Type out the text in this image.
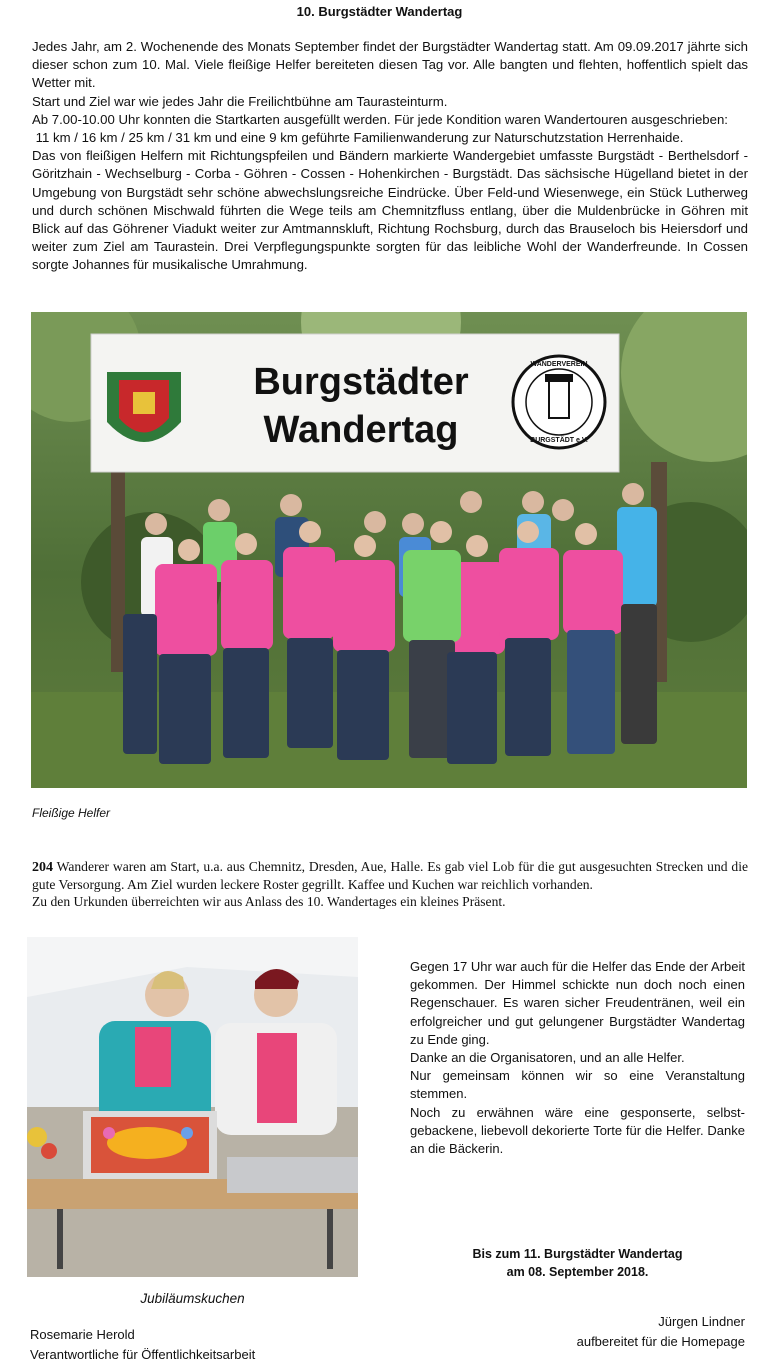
10. Burgstädter Wandertag

Jedes Jahr, am 2. Wochenende des Monats September findet der Burgstädter Wandertag statt. Am 09.09.2017 jährte sich dieser schon zum 10. Mal. Viele fleißige Helfer bereiteten diesen Tag vor. Alle bangten und flehten, hoffentlich spielt das Wetter mit.

Start und Ziel war wie jedes Jahr die Freilichtbühne am Taurasteinturm.

Ab 7.00-10.00 Uhr konnten die Startkarten ausgefüllt werden. Für jede Kondition waren Wandertouren ausgeschrieben:

11 km / 16 km / 25 km / 31 km und eine 9 km geführte Familienwanderung zur Naturschutzstation Herrenhaide.

Das von fleißigen Helfern mit Richtungspfeilen und Bändern markierte Wandergebiet umfasste Burgstädt - Berthelsdorf - Göritzhain - Wechselburg - Corba - Göhren - Cossen - Hohenkirchen - Burgstädt. Das sächsische Hügelland bietet in der Umgebung von Burgstädt sehr schöne abwechslungsreiche Eindrücke. Über Feld-und Wiesenwege, ein Stück Lutherweg und durch schönen Mischwald führten die Wege teils am Chemnitzfluss entlang, über die Muldenbrücke in Göhren mit Blick auf das Göhrener Viadukt weiter zur Amtmannskluft, Richtung Rochsburg, durch das Brauseloch bis Heiersdorf und weiter zum Ziel am Taurastein. Drei Verpflegungspunkte sorgten für das leibliche Wohl der Wanderfreunde. In Cossen sorgte Johannes für musikalische Umrahmung.

Burgstädter
Wandertag
WANDERVEREIN
BURGSTÄDT e.V.
Fleißige Helfer

204 Wanderer waren am Start, u.a. aus Chemnitz, Dresden, Aue, Halle. Es gab viel Lob für die gut ausgesuchten Strecken und die gute Versorgung. Am Ziel wurden leckere Roster gegrillt. Kaffee und Kuchen war reichlich vorhanden.

Zu den Urkunden überreichten wir aus Anlass des 10. Wandertages ein kleines Präsent.

Jubiläumskuchen

Gegen 17 Uhr war auch für die Helfer das Ende der Arbeit gekommen. Der Himmel schickte nun doch noch einen Regenschauer. Es waren sicher Freudentränen, weil ein erfolgreicher und gut gelungener Burgstädter Wandertag zu Ende ging.

Danke an die Organisatoren, und an alle Helfer.

Nur gemeinsam können wir so eine Veranstaltung stemmen.

Noch zu erwähnen wäre eine gesponserte, selbst- gebackene, liebevoll dekorierte Torte für die Helfer. Danke an die Bäckerin.

Bis zum 11. Burgstädter Wandertag
am 08. September 2018.
Rosemarie Herold
Verantwortliche für Öffentlichkeitsarbeit
Jürgen Lindner
aufbereitet für die Homepage
